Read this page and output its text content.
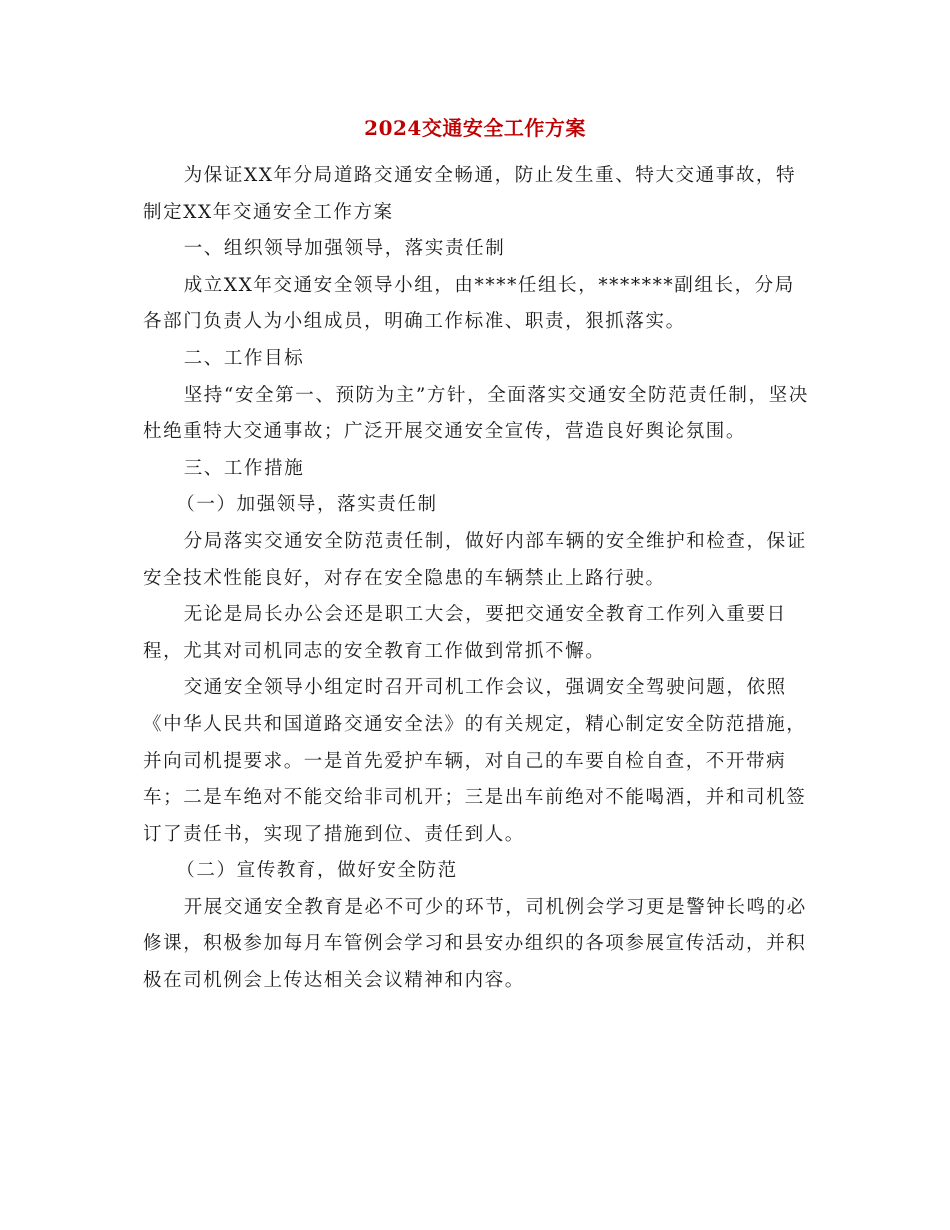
2024交通安全工作方案

为保证XX年分局道路交通安全畅通，防止发生重、特大交通事故，特制定XX年交通安全工作方案

一、组织领导加强领导，落实责任制

成立XX年交通安全领导小组，由****任组长，*******副组长，分局各部门负责人为小组成员，明确工作标准、职责，狠抓落实。

二、工作目标

坚持“安全第一、预防为主”方针，全面落实交通安全防范责任制，坚决杜绝重特大交通事故；广泛开展交通安全宣传，营造良好舆论氛围。

三、工作措施

（一）加强领导，落实责任制

分局落实交通安全防范责任制，做好内部车辆的安全维护和检查，保证安全技术性能良好，对存在安全隐患的车辆禁止上路行驶。

无论是局长办公会还是职工大会，要把交通安全教育工作列入重要日程，尤其对司机同志的安全教育工作做到常抓不懈。

交通安全领导小组定时召开司机工作会议，强调安全驾驶问题，依照《中华人民共和国道路交通安全法》的有关规定，精心制定安全防范措施，并向司机提要求。一是首先爱护车辆，对自己的车要自检自查，不开带病车；二是车绝对不能交给非司机开；三是出车前绝对不能喝酒，并和司机签订了责任书，实现了措施到位、责任到人。

（二）宣传教育，做好安全防范

开展交通安全教育是必不可少的环节，司机例会学习更是警钟长鸣的必修课，积极参加每月车管例会学习和县安办组织的各项参展宣传活动，并积极在司机例会上传达相关会议精神和内容。
